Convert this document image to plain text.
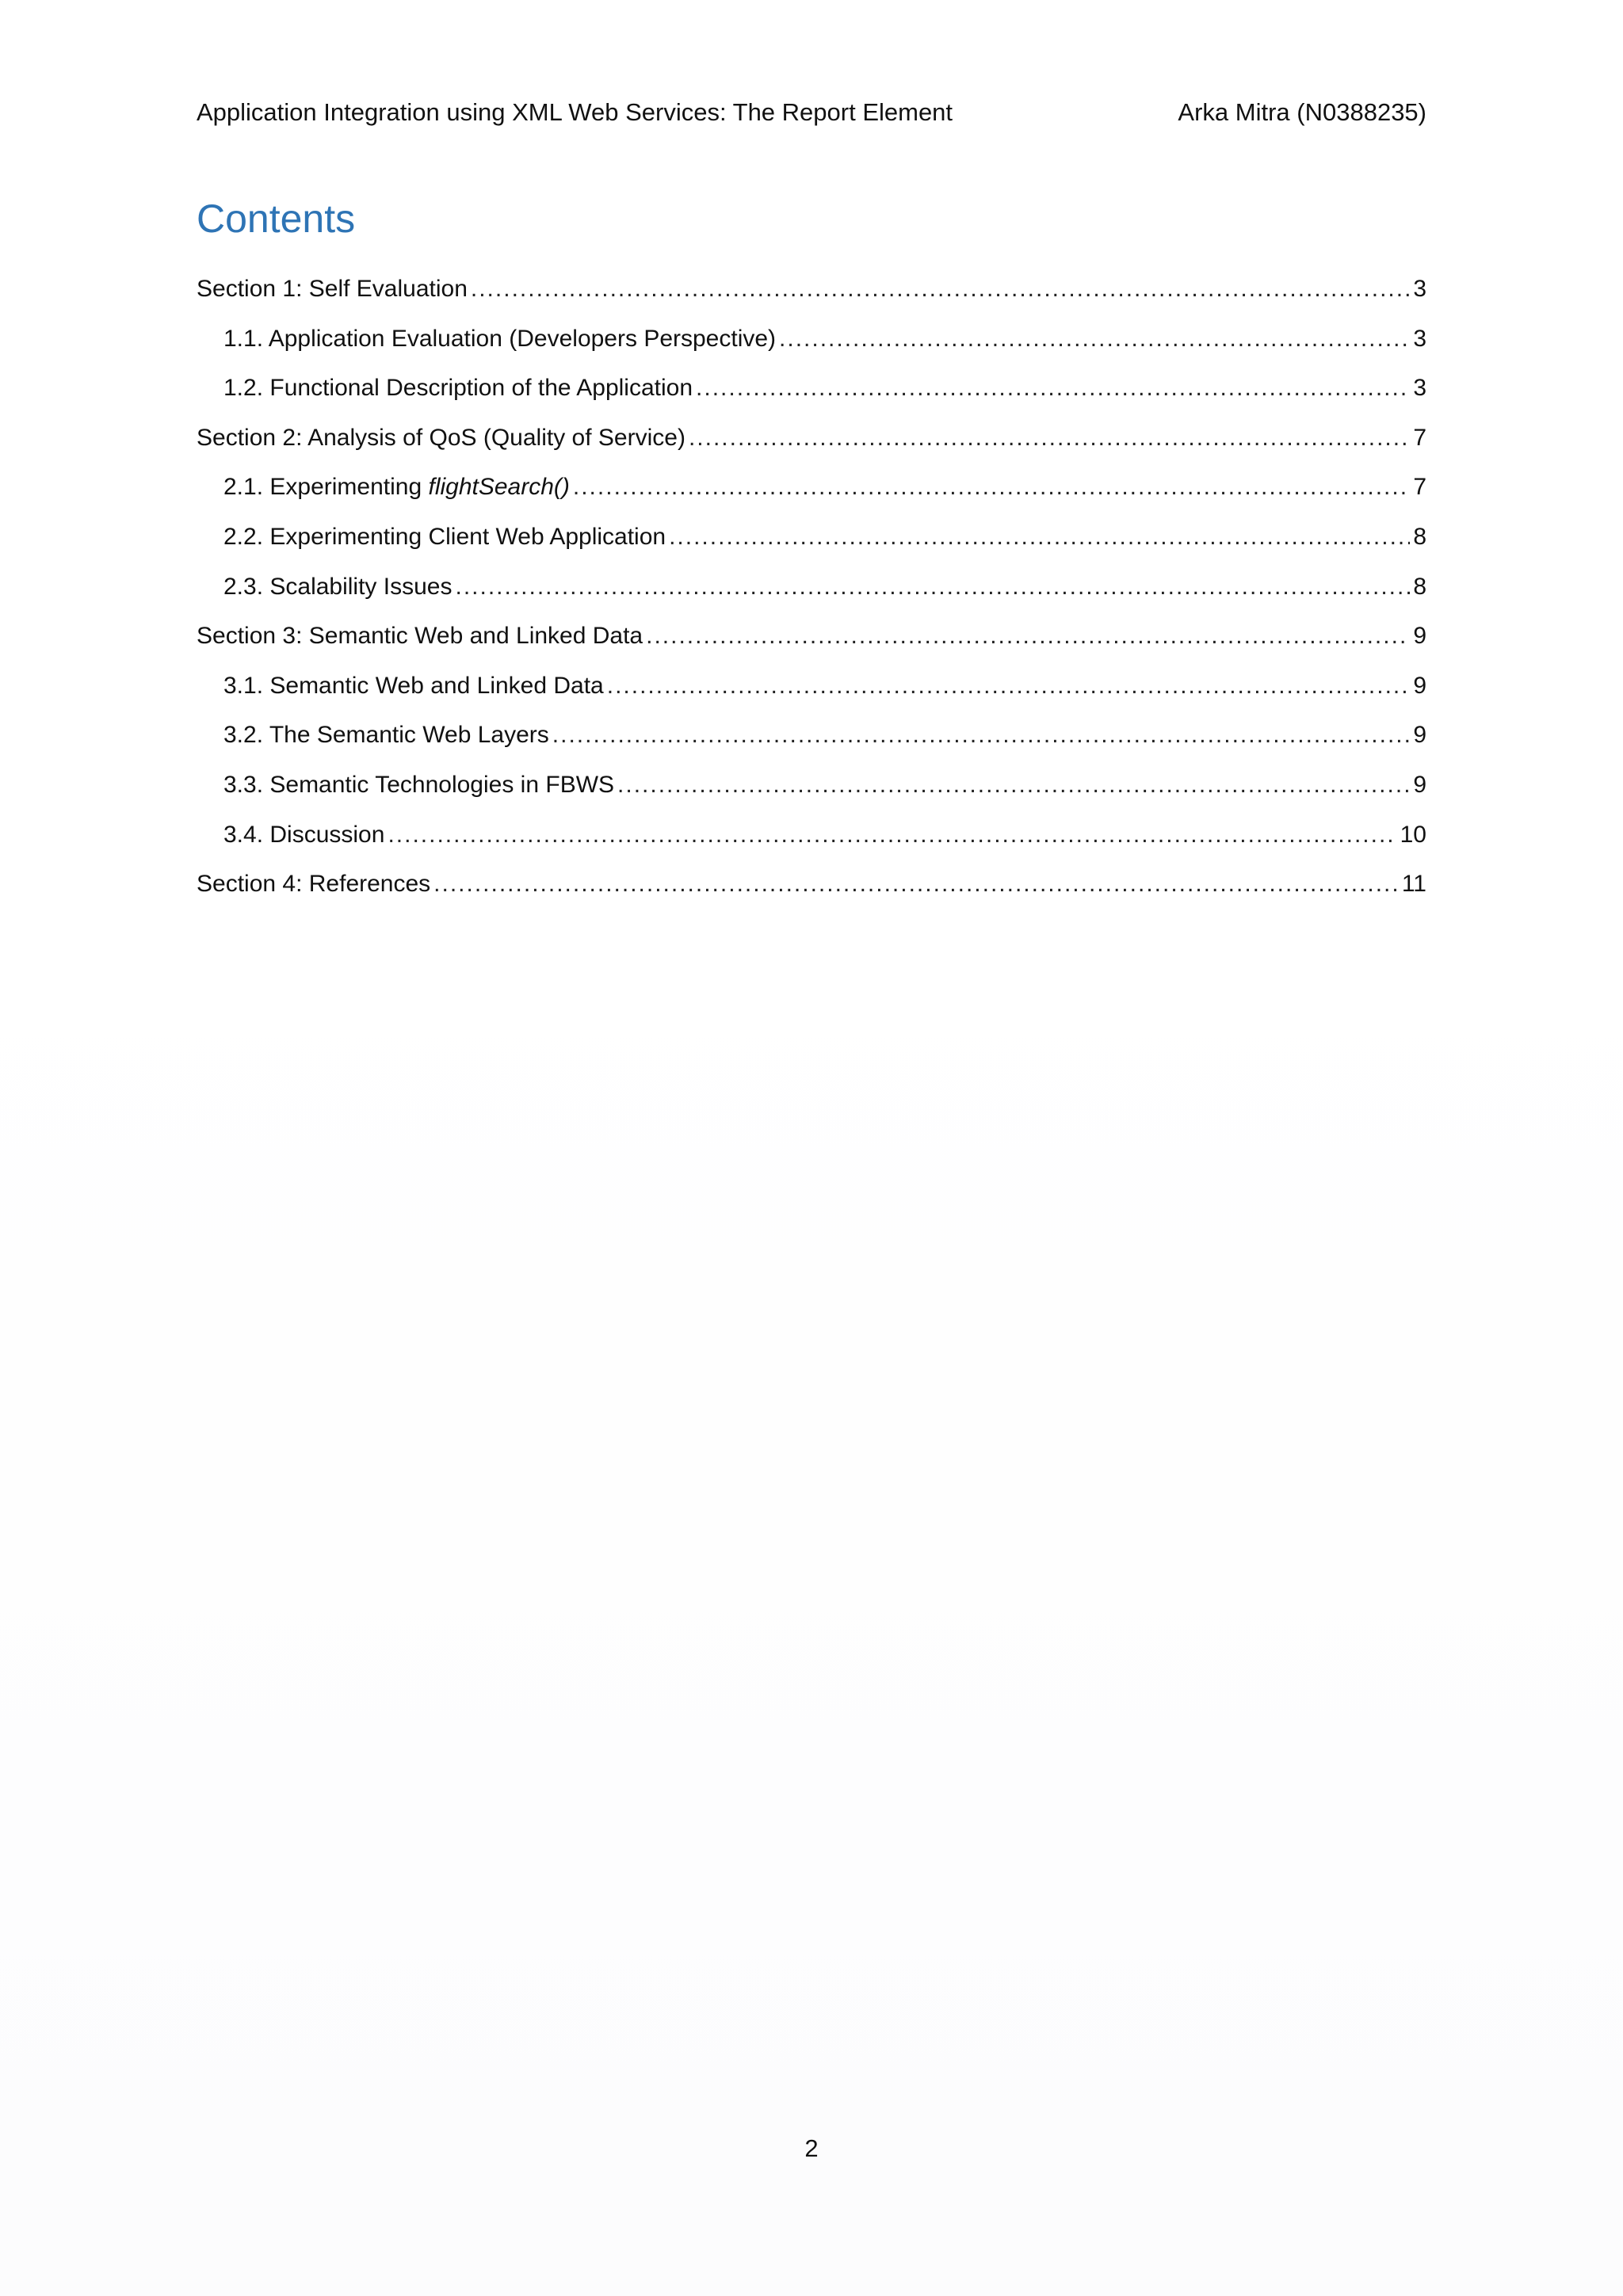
Application Integration using XML Web Services: The Report Element	Arka Mitra (N0388235)
Contents
Section 1: Self Evaluation .....	3
1.1. Application Evaluation (Developers Perspective) .....	3
1.2. Functional Description of the Application .....	3
Section 2: Analysis of QoS (Quality of Service) .....	7
2.1. Experimenting flightSearch() .....	7
2.2. Experimenting Client Web Application .....	8
2.3. Scalability Issues .....	8
Section 3: Semantic Web and Linked Data .....	9
3.1. Semantic Web and Linked Data .....	9
3.2. The Semantic Web Layers .....	9
3.3. Semantic Technologies in FBWS .....	9
3.4. Discussion .....	10
Section 4: References .....	11
2
